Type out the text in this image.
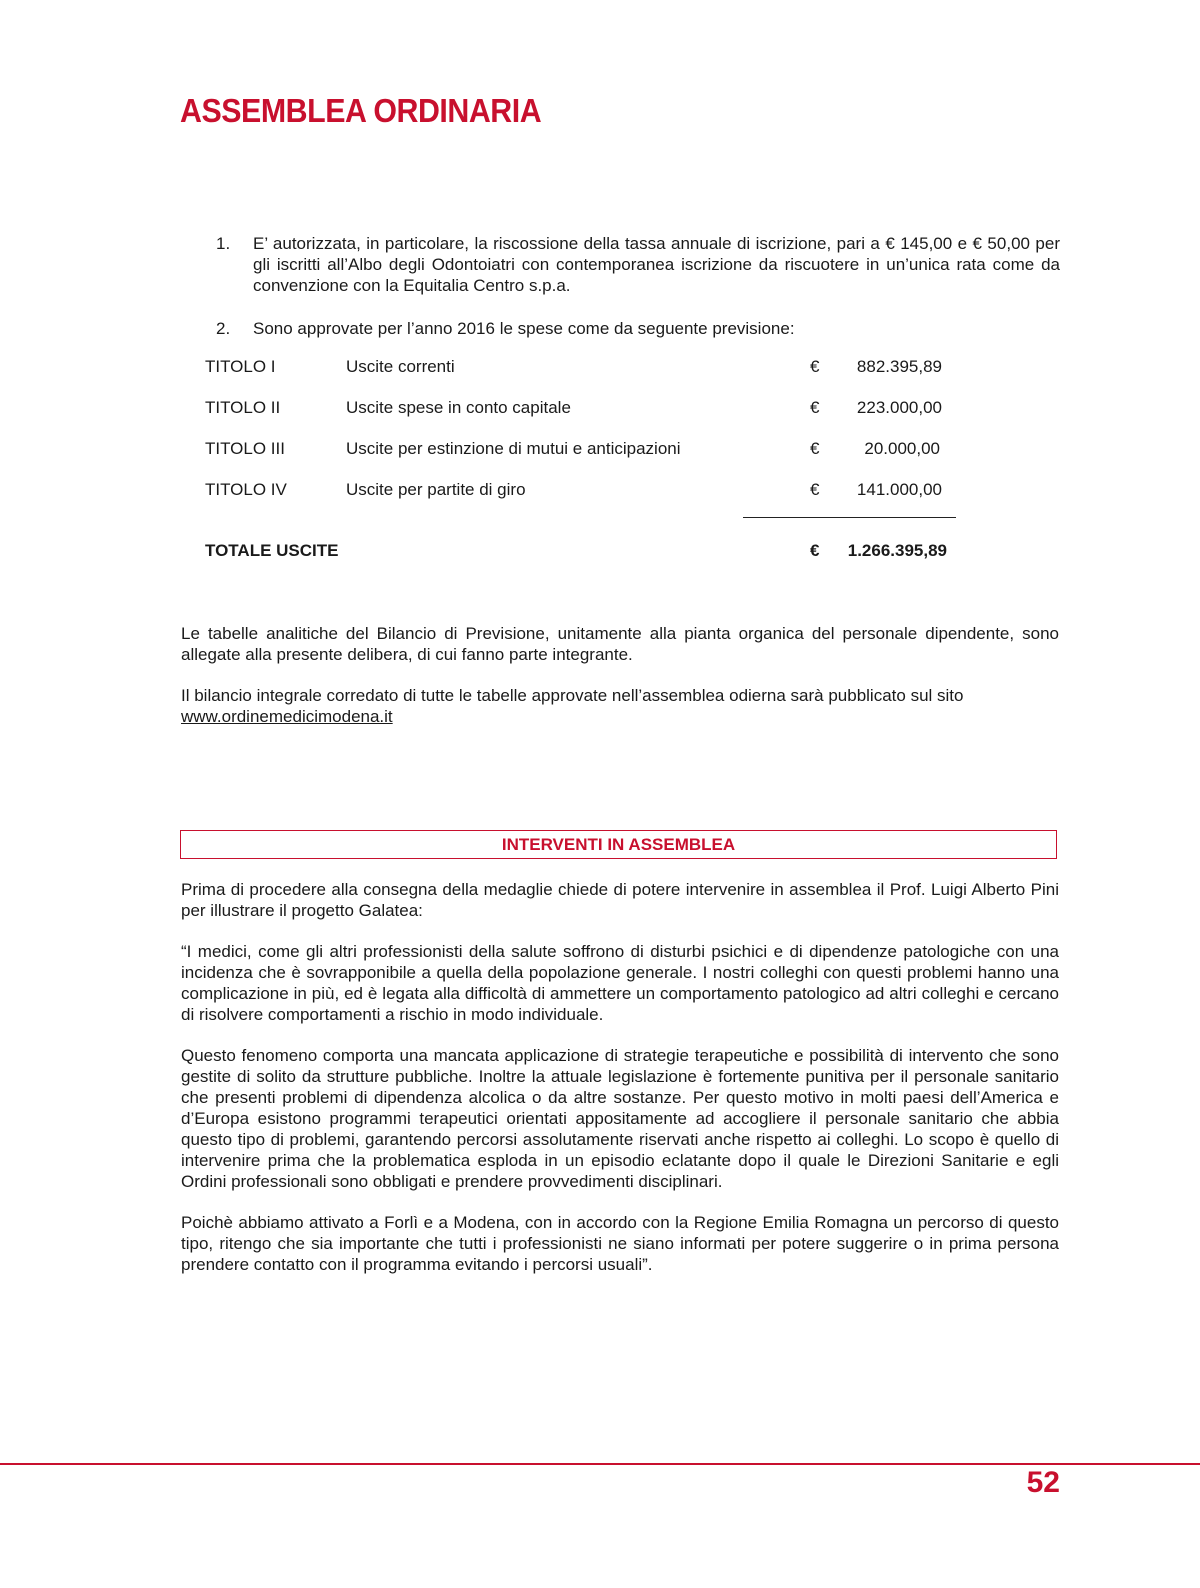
ASSEMBLEA ORDINARIA
1. E’ autorizzata, in particolare, la riscossione della tassa annuale di iscrizione, pari a € 145,00 e € 50,00 per gli iscritti all’Albo degli Odontoiatri con contemporanea iscrizione da riscuotere in un’unica rata come da convenzione con la Equitalia Centro s.p.a.
2. Sono approvate per l’anno 2016 le spese come da seguente previsione:
TITOLO I	Uscite correnti	€ 882.395,89
TITOLO II	Uscite spese in conto capitale	€ 223.000,00
TITOLO III	Uscite per estinzione di mutui e anticipazioni	€	20.000,00
TITOLO IV	Uscite per partite di giro	€ 141.000,00
TOTALE USCITE	€ 1.266.395,89

Le tabelle analitiche del Bilancio di Previsione, unitamente alla pianta organica del personale dipendente, sono allegate alla presente delibera, di cui fanno parte integrante.

Il bilancio integrale corredato di tutte le tabelle approvate nell’assemblea odierna sarà pubblicato sul sito
www.ordinemedicimodena.it

INTERVENTI IN ASSEMBLEA

Prima di procedere alla consegna della medaglie chiede di potere intervenire in assemblea il Prof. Luigi Alberto Pini per illustrare il progetto Galatea:

“I medici, come gli altri professionisti della salute soffrono di disturbi psichici e di dipendenze patologiche con una incidenza che è sovrapponibile a quella della popolazione generale. I nostri colleghi con questi problemi hanno una complicazione in più, ed è legata alla difficoltà di ammettere un comportamento patologico ad altri colleghi e cercano di risolvere comportamenti a rischio in modo individuale.

Questo fenomeno comporta una mancata applicazione di strategie terapeutiche e possibilità di intervento che sono gestite di solito da strutture pubbliche. Inoltre la attuale legislazione è fortemente punitiva per il personale sanitario che presenti problemi di dipendenza alcolica o da altre sostanze. Per questo motivo in molti paesi dell’America e d’Europa esistono programmi terapeutici orientati appositamente ad accogliere il personale sanitario che abbia questo tipo di problemi, garantendo percorsi assolutamente riservati anche rispetto ai colleghi. Lo scopo è quello di intervenire prima che la problematica esploda in un episodio eclatante dopo il quale le Direzioni Sanitarie e egli Ordini professionali sono obbligati e prendere provvedimenti disciplinari.

Poichè abbiamo attivato a Forlì e a Modena, con in accordo con la Regione Emilia Romagna un percorso di questo tipo, ritengo che sia importante che tutti i professionisti ne siano informati per potere suggerire o in prima persona prendere contatto con il programma evitando i percorsi usuali”.

52
